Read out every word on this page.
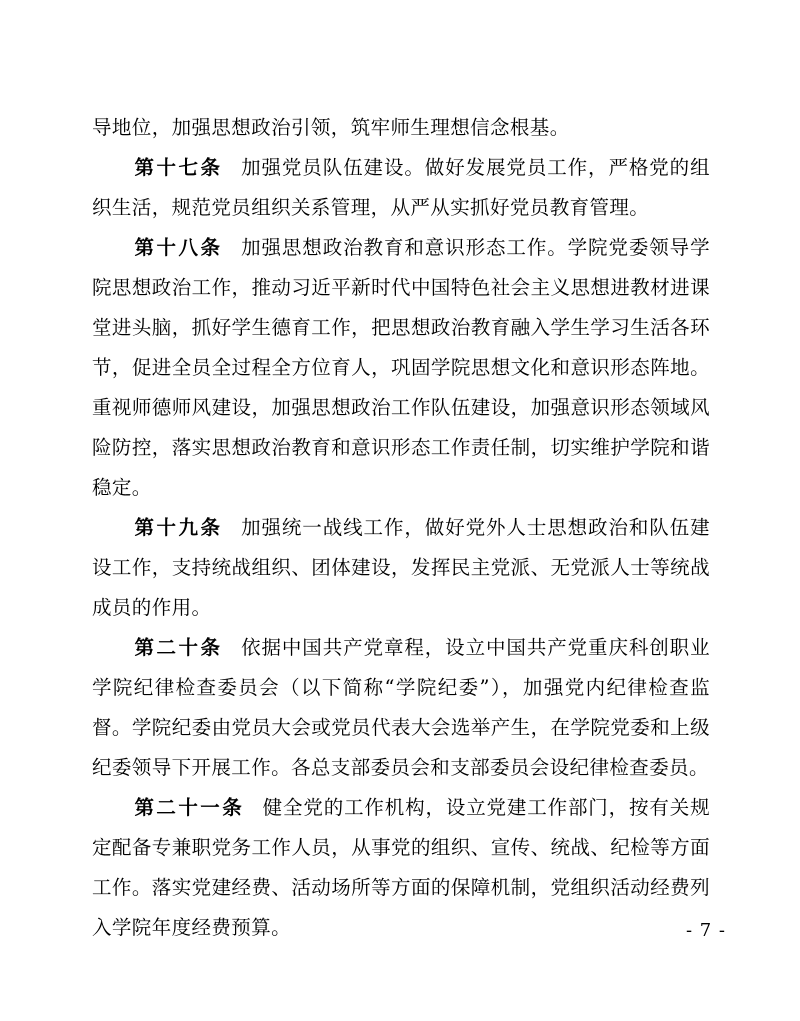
导地位，加强思想政治引领，筑牢师生理想信念根基。

第十七条 加强党员队伍建设。做好发展党员工作，严格党的组织生活，规范党员组织关系管理，从严从实抓好党员教育管理。

第十八条 加强思想政治教育和意识形态工作。学院党委领导学院思想政治工作，推动习近平新时代中国特色社会主义思想进教材进课堂进头脑，抓好学生德育工作，把思想政治教育融入学生学习生活各环节，促进全员全过程全方位育人，巩固学院思想文化和意识形态阵地。重视师德师风建设，加强思想政治工作队伍建设，加强意识形态领域风险防控，落实思想政治教育和意识形态工作责任制，切实维护学院和谐稳定。

第十九条 加强统一战线工作，做好党外人士思想政治和队伍建设工作，支持统战组织、团体建设，发挥民主党派、无党派人士等统战成员的作用。

第二十条 依据中国共产党章程，设立中国共产党重庆科创职业学院纪律检查委员会（以下简称“学院纪委”），加强党内纪律检查监督。学院纪委由党员大会或党员代表大会选举产生，在学院党委和上级纪委领导下开展工作。各总支部委员会和支部委员会设纪律检查委员。

第二十一条 健全党的工作机构，设立党建工作部门，按有关规定配备专兼职党务工作人员，从事党的组织、宣传、统战、纪检等方面工作。落实党建经费、活动场所等方面的保障机制，党组织活动经费列入学院年度经费预算。	- 7 -
